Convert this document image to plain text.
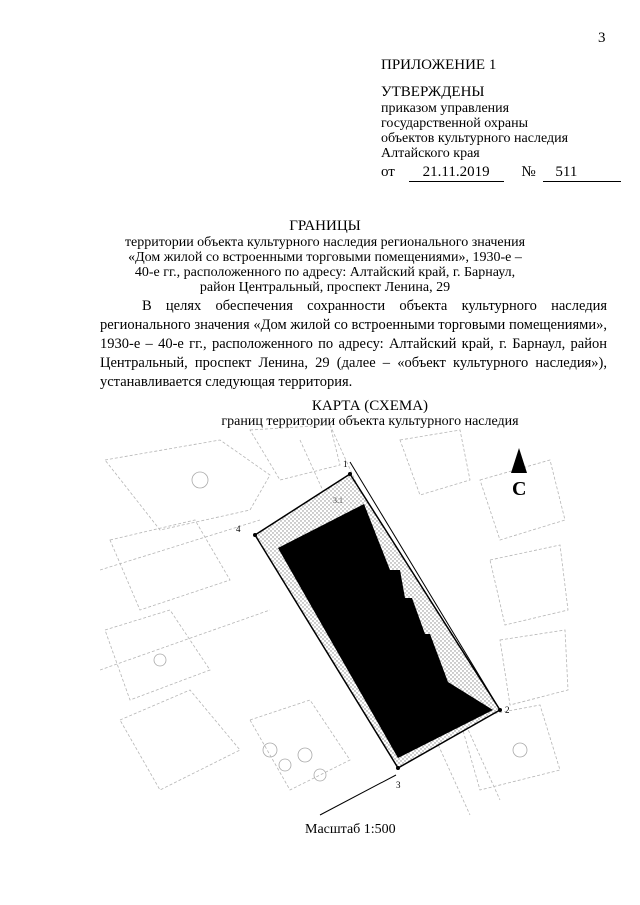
3
ПРИЛОЖЕНИЕ 1
УТВЕРЖДЕНЫ
приказом управления
государственной охраны
объектов культурного наследия
Алтайского края
от 21.11.2019 № 511
ГРАНИЦЫ
территории объекта культурного наследия регионального значения
«Дом жилой со встроенными торговыми помещениями», 1930-е –
40-е гг., расположенного по адресу: Алтайский край, г. Барнаул,
район Центральный, проспект Ленина, 29
В целях обеспечения сохранности объекта культурного наследия регионального значения «Дом жилой со встроенными торговыми помещениями», 1930-е – 40-е гг., расположенного по адресу: Алтайский край, г. Барнаул, район Центральный, проспект Ленина, 29 (далее – «объект культурного наследия»), устанавливается следующая территория.
КАРТА (СХЕМА)
границ территории объекта культурного наследия
1
2
3
4
3.1
С
Масштаб 1:500
